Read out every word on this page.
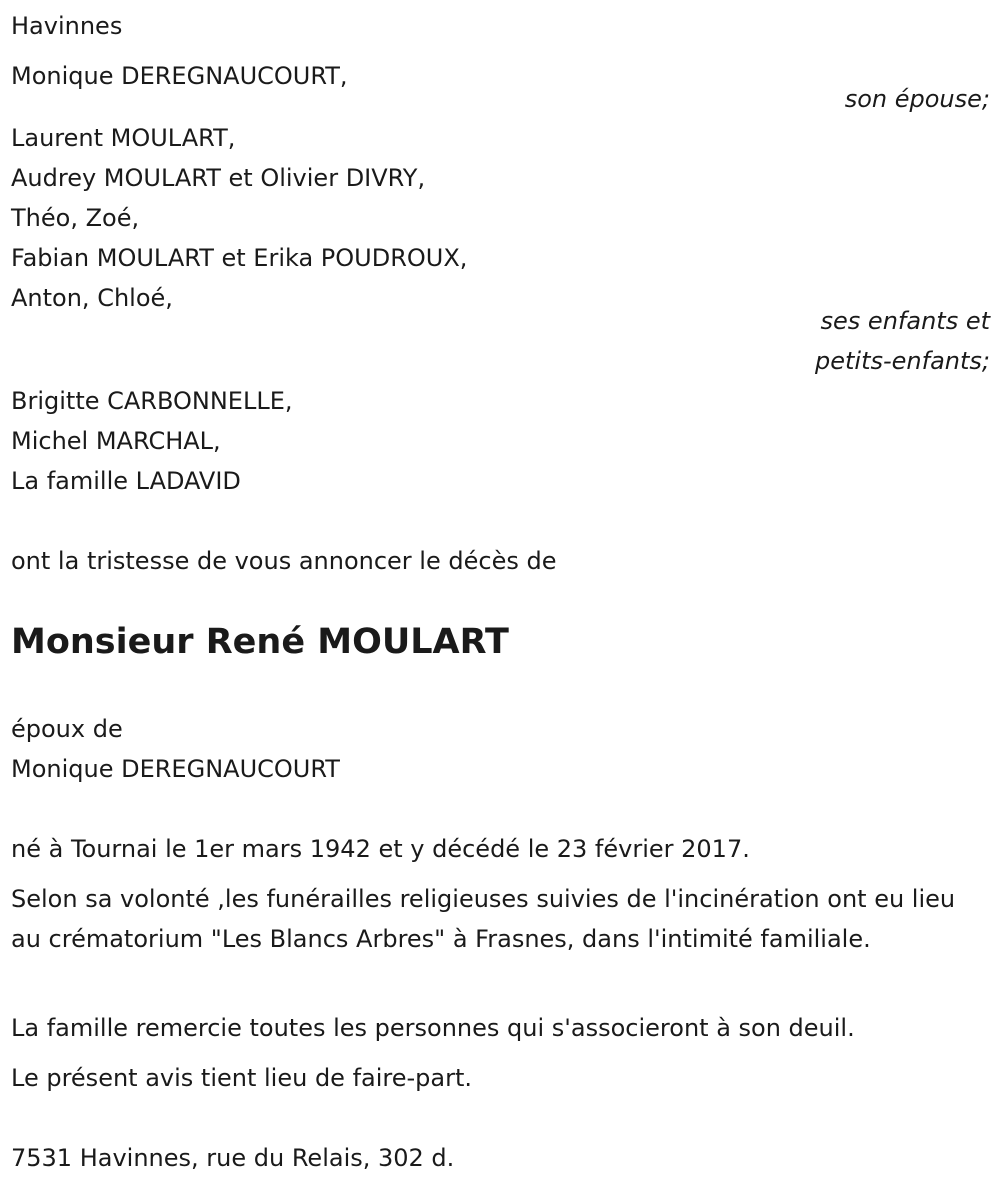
Havinnes
Monique DEREGNAUCOURT,
son épouse;
Laurent MOULART,
Audrey MOULART et Olivier DIVRY,
Théo, Zoé,
Fabian MOULART et Erika POUDROUX,
Anton, Chloé,
ses enfants et
petits-enfants;
Brigitte CARBONNELLE,
Michel MARCHAL,
La famille LADAVID
ont la tristesse de vous annoncer le décès de
Monsieur René MOULART
époux de
Monique DEREGNAUCOURT
né à Tournai le 1er mars 1942 et y décédé le 23 février 2017.
Selon sa volonté ,les funérailles religieuses suivies de l'incinération ont eu lieu au crématorium "Les Blancs Arbres" à Frasnes, dans l'intimité familiale.
La famille remercie toutes les personnes qui s'associeront à son deuil.
Le présent avis tient lieu de faire-part.
7531 Havinnes, rue du Relais, 302 d.
